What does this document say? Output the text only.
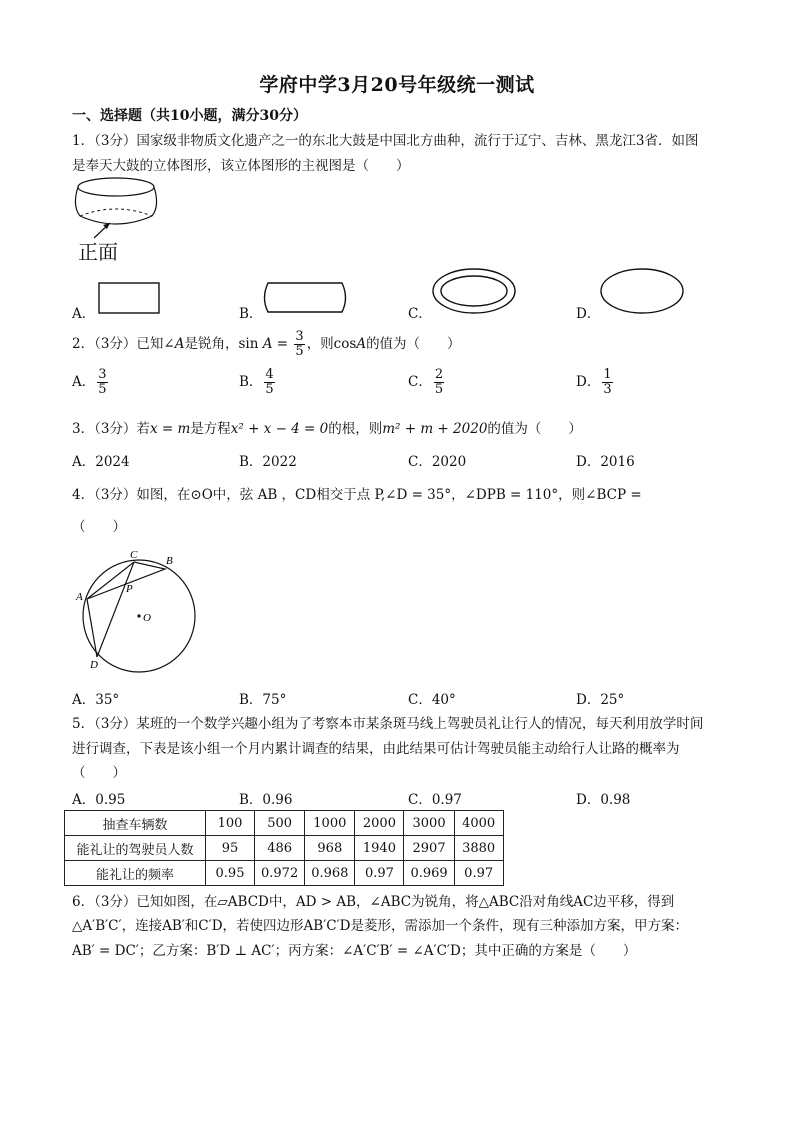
学府中学3月20号年级统一测试
一、选择题（共10小题，满分30分）
1．（3分）国家级非物质文化遗产之一的东北大鼓是中国北方曲种，流行于辽宁、吉林、黑龙江3省．如图
是奉天大鼓的立体图形，该立体图形的主视图是（　　）
正面
A．	B．	C．	D．
2．（3分）已知∠A是锐角，$\sin A = \frac{3}{5}$ ，则cosA的值为（　　）
A． $\frac{3}{5}$	B． $\frac{4}{5}$	C． $\frac{2}{5}$	D． $\frac{1}{3}$
3．（3分）若x = m是方程x² + x − 4 = 0的根，则m² + m + 2020的值为（　　）
A．2024	B．2022	C．2020	D．2016
4．（3分）如图，在⊙O中，弦 AB ，CD相交于点 P,∠D = 35°，∠DPB = 110°，则∠BCP =
（　　）
C	B
A
P
O
D
A．35°	B．75°	C．40°	D．25°
5．（3分）某班的一个数学兴趣小组为了考察本市某条斑马线上驾驶员礼让行人的情况，每天利用放学时间
进行调查，下表是该小组一个月内累计调查的结果，由此结果可估计驾驶员能主动给行人让路的概率为
（　　）
A．0.95	B．0.96	C．0.97	D．0.98
抽查车辆数	100	500	1000	2000	3000	4000
能礼让的驾驶员人数	95	486	968	1940	2907	3880
能礼让的频率	0.95	0.972	0.968	0.97	0.969	0.97
6．（3分）已知如图，在▱ABCD中，AD > AB，∠ABC为锐角，将△ABC沿对角线AC边平移，得到
△A′B′C′，连接AB′和C′D，若使四边形AB′C′D是菱形，需添加一个条件，现有三种添加方案，甲方案：
AB′ = DC′；乙方案：B′D ⊥ AC′；丙方案：∠A′C′B′ = ∠A′C′D；其中正确的方案是（　　）
